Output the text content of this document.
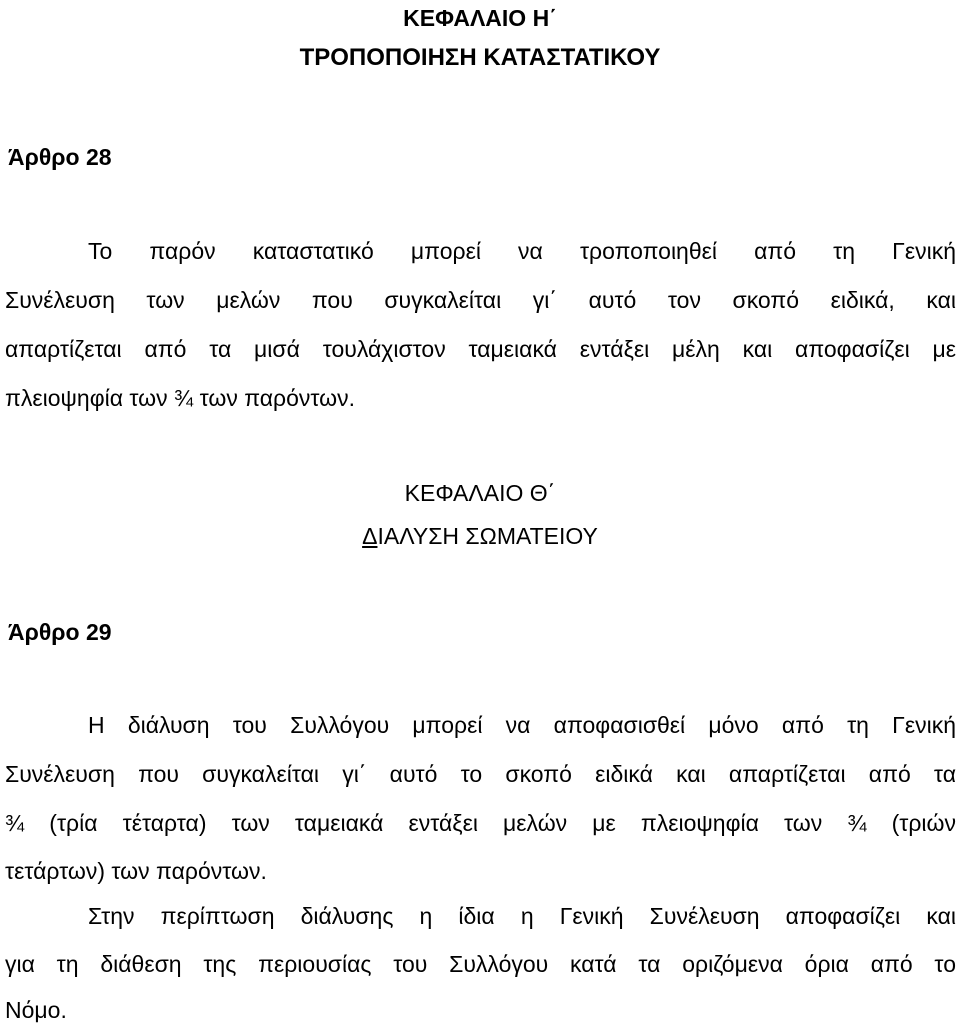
ΚΕΦΑΛΑΙΟ Η΄
ΤΡΟΠΟΠΟΙΗΣΗ ΚΑΤΑΣΤΑΤΙΚΟΥ
Άρθρο 28
Το παρόν καταστατικό μπορεί να τροποποιηθεί από τη Γενική
Συνέλευση των μελών που συγκαλείται γι΄ αυτό τον σκοπό ειδικά, και
απαρτίζεται από τα μισά τουλάχιστον ταμειακά εντάξει μέλη και αποφασίζει με
πλειοψηφία των ¾ των παρόντων.
ΚΕΦΑΛΑΙΟ Θ΄
ΔΙΑΛΥΣΗ ΣΩΜΑΤΕΙΟΥ
Άρθρο 29
Η διάλυση του Συλλόγου μπορεί να αποφασισθεί μόνο από τη Γενική
Συνέλευση που συγκαλείται γι΄ αυτό το σκοπό ειδικά και απαρτίζεται από τα
¾ (τρία τέταρτα) των ταμειακά εντάξει μελών με πλειοψηφία των ¾ (τριών
τετάρτων) των παρόντων.
Στην περίπτωση διάλυσης η ίδια η Γενική Συνέλευση αποφασίζει και
για τη διάθεση της περιουσίας του Συλλόγου κατά τα οριζόμενα όρια από το
Νόμο.
